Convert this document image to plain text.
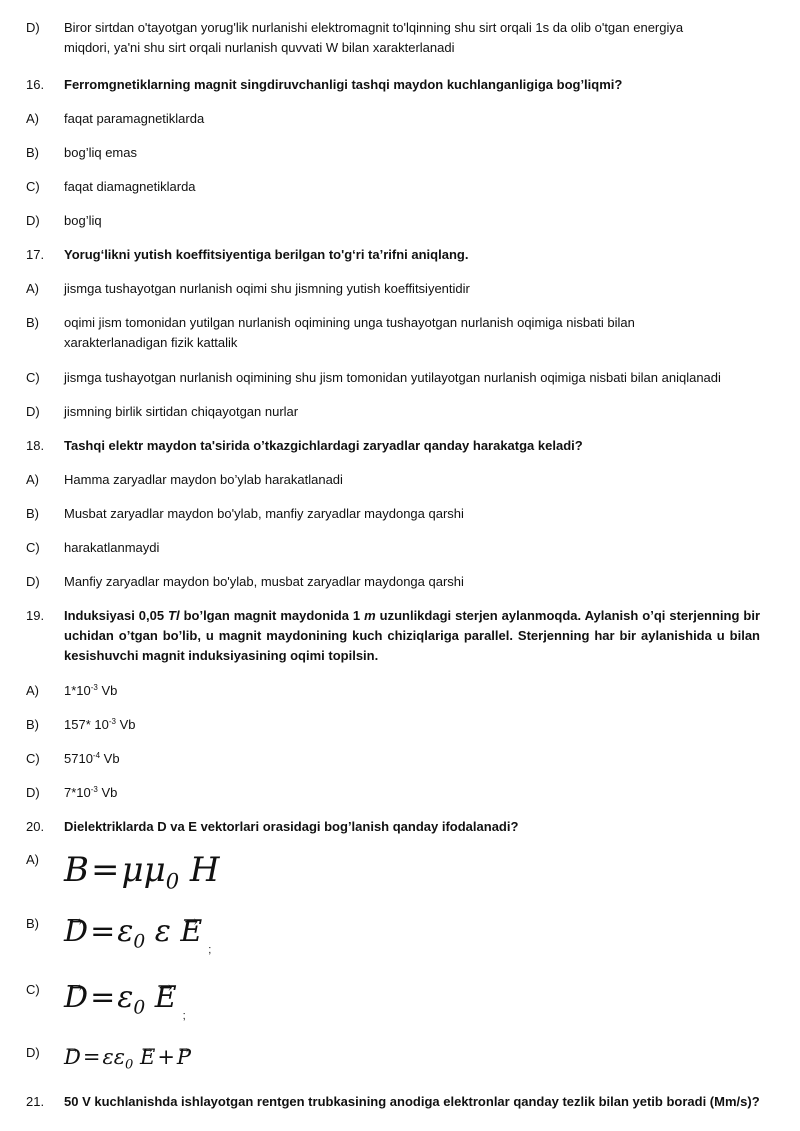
D) Biror sirtdan o'tayotgan yorug'lik nurlanishi elektromagnit to'lqinning shu sirt orqali 1s da olib o'tgan energiya
miqdori, ya'ni shu sirt orqali nurlanish quvvati W bilan xarakterlanadi
16. Ferromgnetiklarning magnit singdiruvchanligi tashqi maydon kuchlanganligiga bog’liqmi?
A) faqat paramagnetiklarda
B) bog’liq emas
C) faqat diamagnetiklarda
D) bog’liq
17. Yorug‘likni yutish koeffitsiyentiga berilgan to'g‘ri ta’rifni aniqlang.
A) jismga tushayotgan nurlanish oqimi shu jismning yutish koeffitsiyentidir
B) oqimi jism tomonidan yutilgan nurlanish oqimining unga tushayotgan nurlanish oqimiga nisbati bilan
xarakterlanadigan fizik kattalik
C) jismga tushayotgan nurlanish oqimining shu jism tomonidan yutilayotgan nurlanish oqimiga nisbati bilan aniqlanadi
D) jismning birlik sirtidan chiqayotgan nurlar
18. Tashqi elektr maydon ta'sirida o’tkazgichlardagi zaryadlar qanday harakatga keladi?
A) Hamma zaryadlar maydon bo’ylab harakatlanadi
B) Musbat zaryadlar maydon bo'ylab, manfiy zaryadlar maydonga qarshi
C) harakatlanmaydi
D) Manfiy zaryadlar maydon bo'ylab, musbat zaryadlar maydonga qarshi
19. Induksiyasi 0,05 Tl bo’lgan magnit maydonida 1 m uzunlikdagi sterjen aylanmoqda. Aylanish o’qi sterjenning bir
uchidan o’tgan bo’lib, u magnit maydonining kuch chiziqlariga parallel. Sterjenning har bir aylanishida u bilan
kesishuvchi magnit induksiyasining oqimi topilsin.
A) $1*10^{-3}$ Vb
B) 157* $10^{-3}$ Vb
C) $5710^{-4}$ Vb
D) $7*10^{-3}$ Vb
20. Dielektriklarda D va E vektorlari orasidagi bog’lanish qanday ifodalanadi?
A) $B=\mu\mu_0$ H
B)
→ $D=\varepsilon_0$ $\varepsilon \to E_;$
C)
→ $D=\varepsilon_0 \to E_;$
D)
→ $D=\varepsilon\varepsilon_0 \to E+\to P$
21. 50 V kuchlanishda ishlayotgan rentgen trubkasining anodiga elektronlar qanday tezlik bilan yetib boradi (Mm/s)?
